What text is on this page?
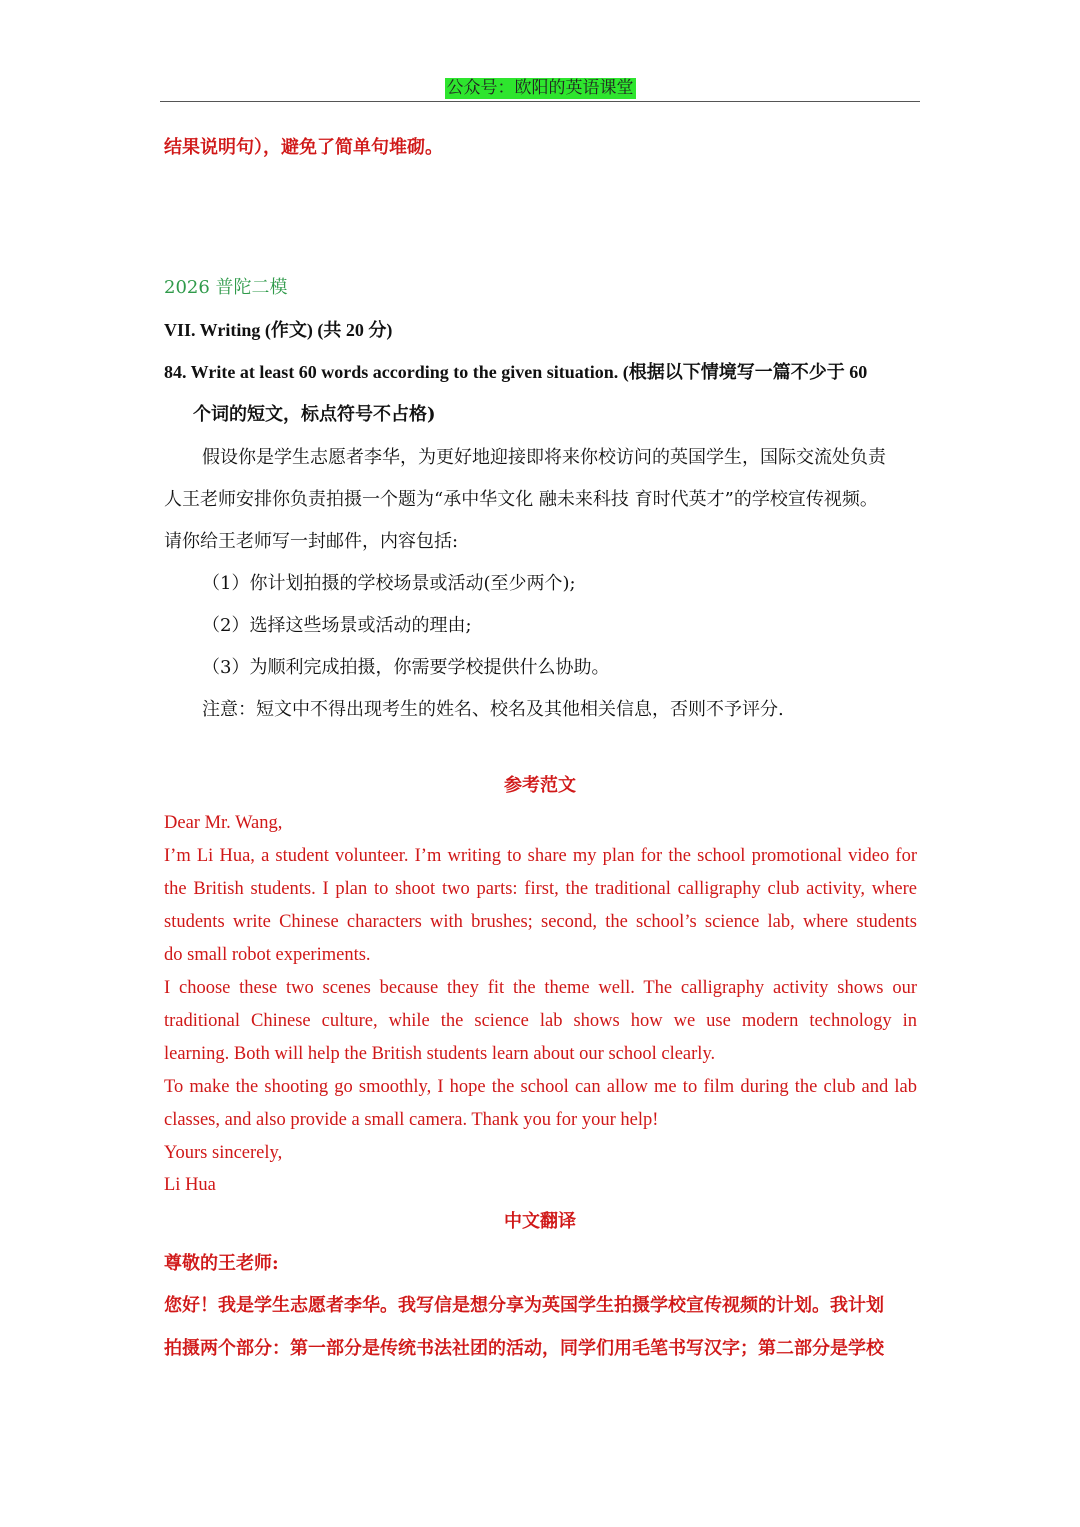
公众号：欧阳的英语课堂
结果说明句），避免了简单句堆砌。
2026 普陀二模
VII. Writing (作文) (共 20 分)
84. Write at least 60 words according to the given situation. (根据以下情境写一篇不少于 60
个词的短文，标点符号不占格)
假设你是学生志愿者李华，为更好地迎接即将来你校访问的英国学生，国际交流处负责
人王老师安排你负责拍摄一个题为“承中华文化 融未来科技 育时代英才”的学校宣传视频。
请你给王老师写一封邮件，内容包括:
（1）你计划拍摄的学校场景或活动(至少两个);
（2）选择这些场景或活动的理由;
（3）为顺利完成拍摄，你需要学校提供什么协助。
注意：短文中不得出现考生的姓名、校名及其他相关信息，否则不予评分.
参考范文
Dear Mr. Wang,
I’m Li Hua, a student volunteer. I’m writing to share my plan for the school promotional video for
the British students. I plan to shoot two parts: first, the traditional calligraphy club activity, where
students write Chinese characters with brushes; second, the school’s science lab, where students
do small robot experiments.
I choose these two scenes because they fit the theme well. The calligraphy activity shows our
traditional Chinese culture, while the science lab shows how we use modern technology in
learning. Both will help the British students learn about our school clearly.
To make the shooting go smoothly, I hope the school can allow me to film during the club and lab
classes, and also provide a small camera. Thank you for your help!
Yours sincerely,
Li Hua
中文翻译
尊敬的王老师:
您好！我是学生志愿者李华。我写信是想分享为英国学生拍摄学校宣传视频的计划。我计划
拍摄两个部分：第一部分是传统书法社团的活动，同学们用毛笔书写汉字；第二部分是学校
